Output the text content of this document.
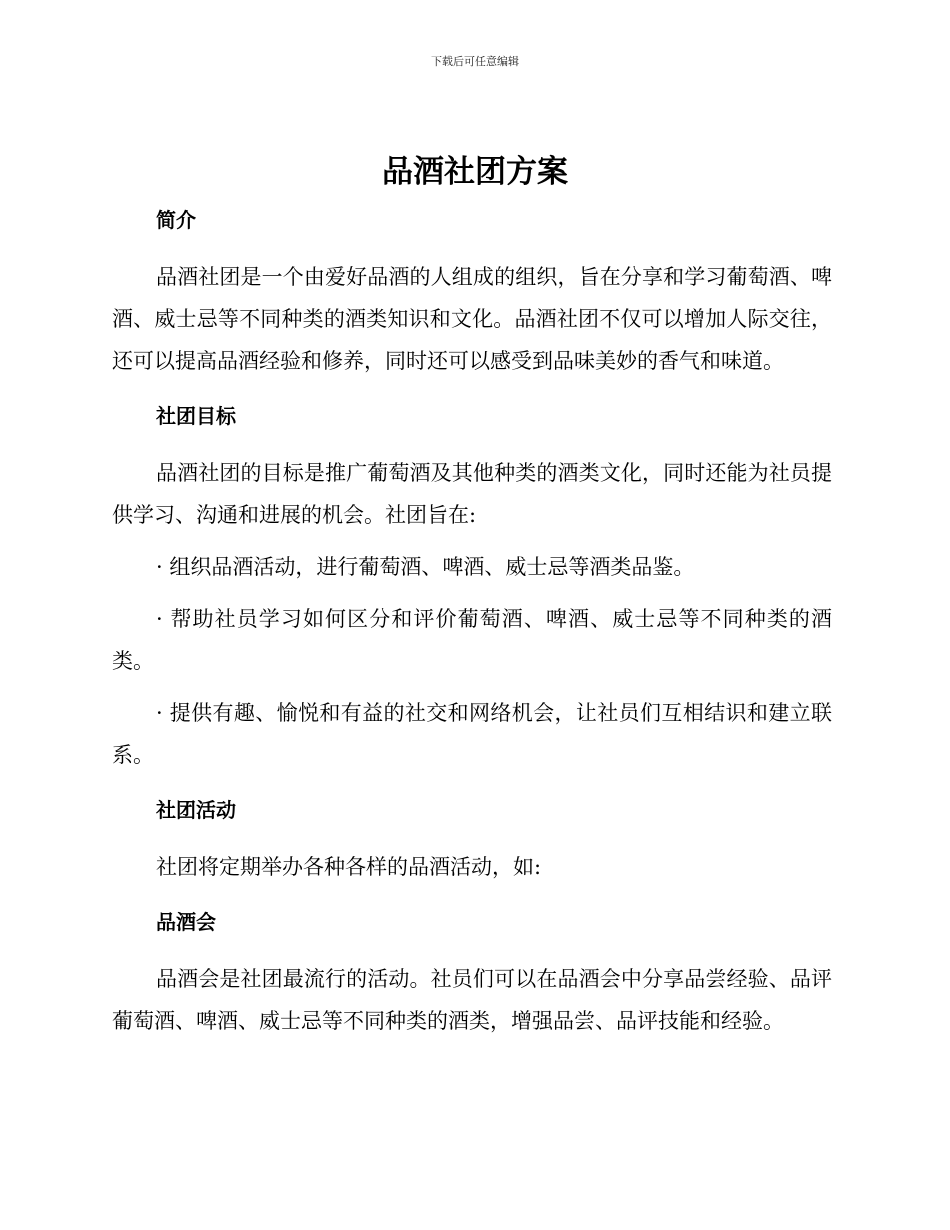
下载后可任意编辑
品酒社团方案
简介

品酒社团是一个由爱好品酒的人组成的组织，旨在分享和学习葡萄酒、啤酒、威士忌等不同种类的酒类知识和文化。品酒社团不仅可以增加人际交往，还可以提高品酒经验和修养，同时还可以感受到品味美妙的香气和味道。

社团目标

品酒社团的目标是推广葡萄酒及其他种类的酒类文化，同时还能为社员提供学习、沟通和进展的机会。社团旨在:

· 组织品酒活动，进行葡萄酒、啤酒、威士忌等酒类品鉴。

· 帮助社员学习如何区分和评价葡萄酒、啤酒、威士忌等不同种类的酒类。

· 提供有趣、愉悦和有益的社交和网络机会，让社员们互相结识和建立联系。

社团活动

社团将定期举办各种各样的品酒活动，如:

品酒会

品酒会是社团最流行的活动。社员们可以在品酒会中分享品尝经验、品评葡萄酒、啤酒、威士忌等不同种类的酒类，增强品尝、品评技能和经验。
